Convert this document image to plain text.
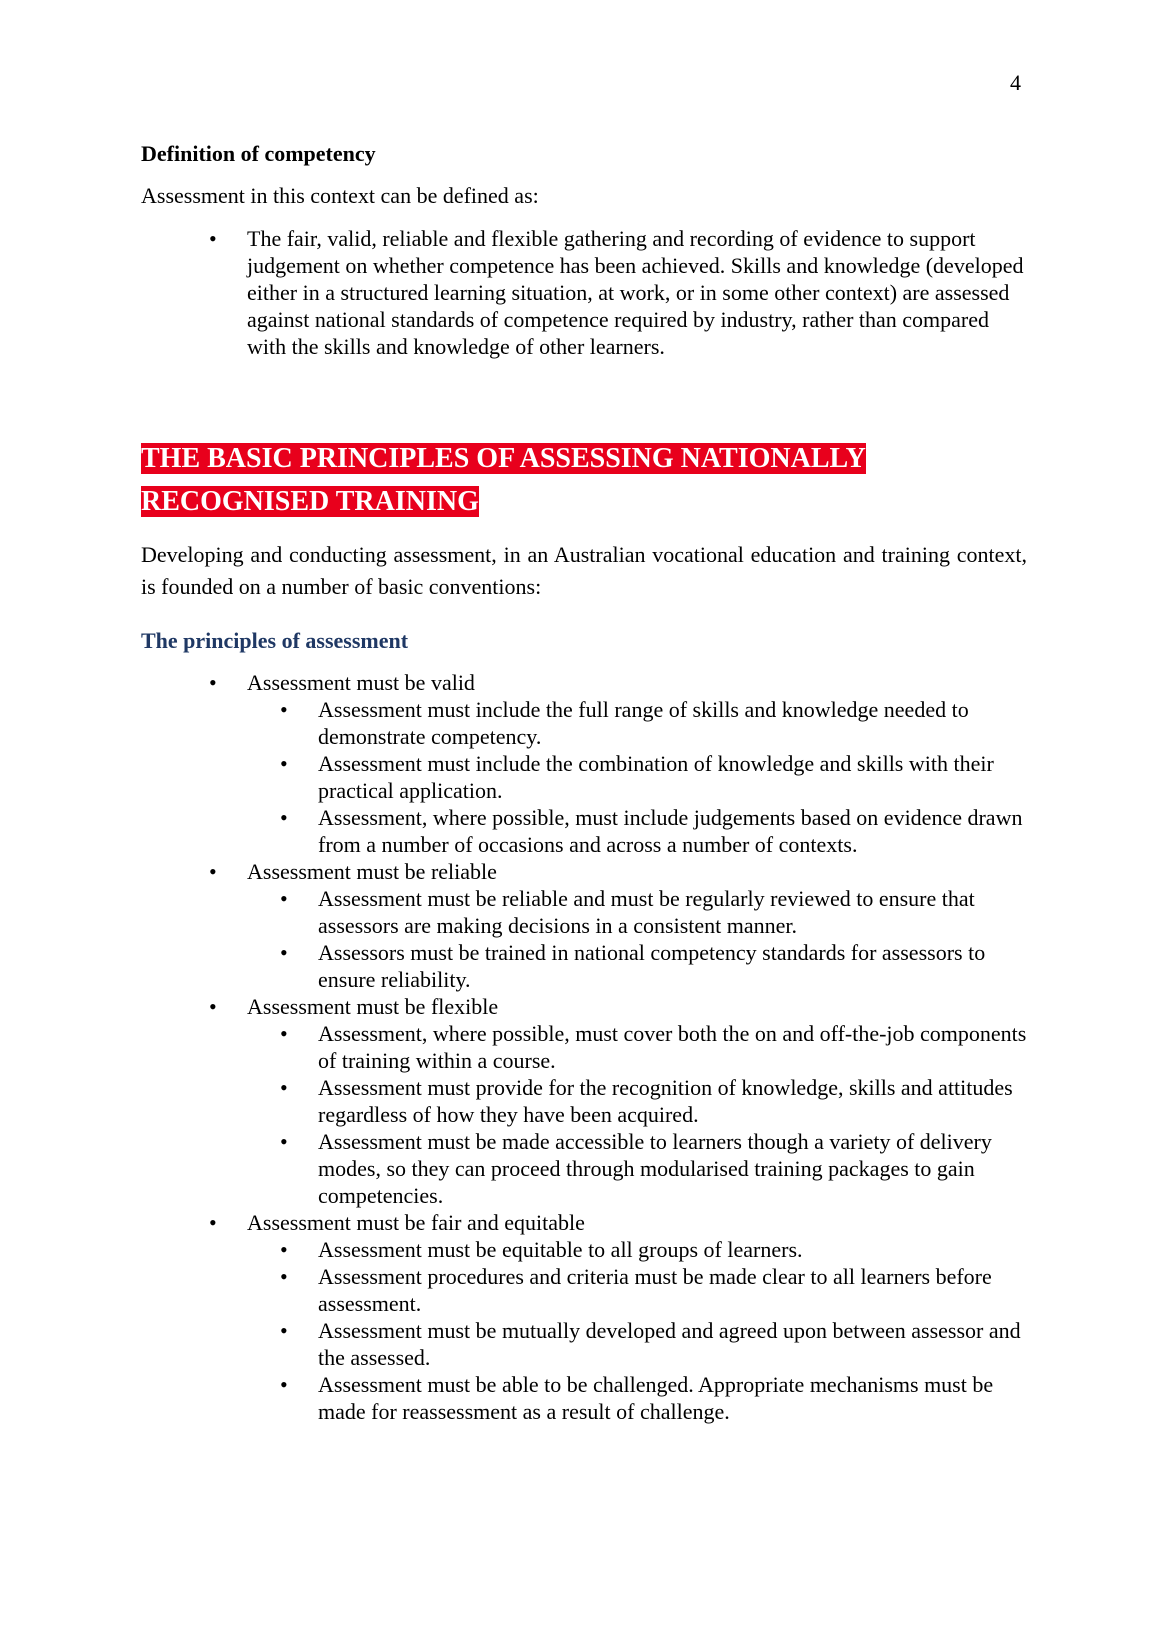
4

Definition of competency

Assessment in this context can be defined as:

• The fair, valid, reliable and flexible gathering and recording of evidence to support judgement on whether competence has been achieved. Skills and knowledge (developed either in a structured learning situation, at work, or in some other context) are assessed against national standards of competence required by industry, rather than compared with the skills and knowledge of other learners.
THE BASIC PRINCIPLES OF ASSESSING NATIONALLY RECOGNISED TRAINING

Developing and conducting assessment, in an Australian vocational education and training context, is founded on a number of basic conventions:

The principles of assessment
• Assessment must be valid
• Assessment must include the full range of skills and knowledge needed to demonstrate competency.
• Assessment must include the combination of knowledge and skills with their practical application.
• Assessment, where possible, must include judgements based on evidence drawn from a number of occasions and across a number of contexts.
• Assessment must be reliable
• Assessment must be reliable and must be regularly reviewed to ensure that assessors are making decisions in a consistent manner.
• Assessors must be trained in national competency standards for assessors to ensure reliability.
• Assessment must be flexible
• Assessment, where possible, must cover both the on and off-the-job components of training within a course.
• Assessment must provide for the recognition of knowledge, skills and attitudes regardless of how they have been acquired.
• Assessment must be made accessible to learners though a variety of delivery modes, so they can proceed through modularised training packages to gain competencies.
• Assessment must be fair and equitable
• Assessment must be equitable to all groups of learners.
• Assessment procedures and criteria must be made clear to all learners before assessment.
• Assessment must be mutually developed and agreed upon between assessor and the assessed.
• Assessment must be able to be challenged. Appropriate mechanisms must be made for reassessment as a result of challenge.
